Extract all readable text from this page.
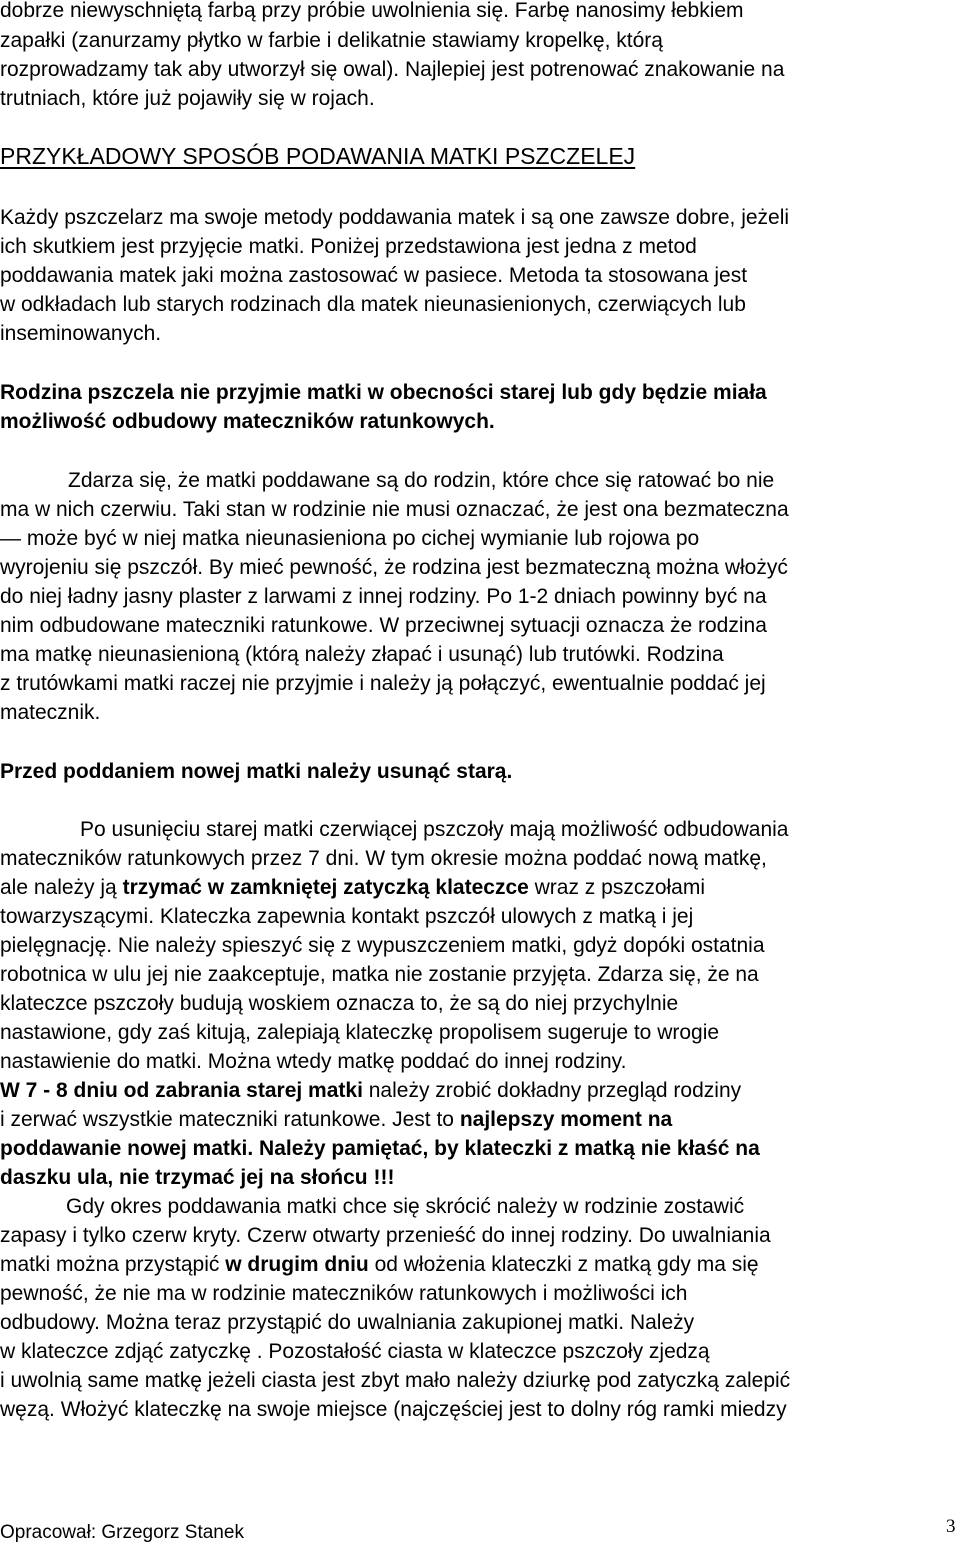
dobrze niewyschniętą farbą przy próbie uwolnienia się. Farbę nanosimy łebkiem
zapałki (zanurzamy płytko w farbie i delikatnie stawiamy kropelkę, którą
rozprowadzamy tak aby utworzył się owal). Najlepiej jest potrenować znakowanie na
trutniach, które już pojawiły się w rojach.
PRZYKŁADOWY SPOSÓB PODAWANIA MATKI PSZCZELEJ
Każdy pszczelarz ma swoje metody poddawania matek i są one zawsze dobre, jeżeli
ich skutkiem jest przyjęcie matki. Poniżej przedstawiona jest jedna z metod
poddawania matek jaki można zastosować w pasiece. Metoda ta stosowana jest
w odkładach lub starych rodzinach dla matek nieunasienionych, czerwiących lub
inseminowanych.
Rodzina pszczela nie przyjmie matki w obecności starej lub gdy będzie miała
możliwość odbudowy mateczników ratunkowych.
Zdarza się, że matki poddawane są do rodzin, które chce się ratować bo nie
ma w nich czerwiu. Taki stan w rodzinie nie musi oznaczać, że jest ona bezmateczna
— może być w niej matka nieunasieniona po cichej wymianie lub rojowa po
wyrojeniu się pszczół. By mieć pewność, że rodzina jest bezmateczną można włożyć
do niej ładny jasny plaster z larwami z innej rodziny. Po 1-2 dniach powinny być na
nim odbudowane mateczniki ratunkowe. W przeciwnej sytuacji oznacza że rodzina
ma matkę nieunasienioną (którą należy złapać i usunąć) lub trutówki. Rodzina
z trutówkami matki raczej nie przyjmie i należy ją połączyć, ewentualnie poddać jej
matecznik.
Przed poddaniem nowej matki należy usunąć starą.
Po usunięciu starej matki czerwiącej pszczoły mają możliwość odbudowania
mateczników ratunkowych przez 7 dni. W tym okresie można poddać nową matkę,
ale należy ją trzymać w zamkniętej zatyczką klateczce wraz z pszczołami
towarzyszącymi. Klateczka zapewnia kontakt pszczół ulowych z matką i jej
pielęgnację. Nie należy spieszyć się z wypuszczeniem matki, gdyż dopóki ostatnia
robotnica w ulu jej nie zaakceptuje, matka nie zostanie przyjęta. Zdarza się, że na
klateczce pszczoły budują woskiem oznacza to, że są do niej przychylnie
nastawione, gdy zaś kitują, zalepiają klateczkę propolisem sugeruje to wrogie
nastawienie do matki. Można wtedy matkę poddać do innej rodziny.
W 7 - 8 dniu od zabrania starej matki należy zrobić dokładny przegląd rodziny
i zerwać wszystkie mateczniki ratunkowe. Jest to najlepszy moment na
poddawanie nowej matki. Należy pamiętać, by klateczki z matką nie kłaść na
daszku ula, nie trzymać jej na słońcu !!!
Gdy okres poddawania matki chce się skrócić należy w rodzinie zostawić
zapasy i tylko czerw kryty. Czerw otwarty przenieść do innej rodziny. Do uwalniania
matki można przystąpić w drugim dniu od włożenia klateczki z matką gdy ma się
pewność, że nie ma w rodzinie mateczników ratunkowych i możliwości ich
odbudowy. Można teraz przystąpić do uwalniania zakupionej matki. Należy
w klateczce zdjąć zatyczkę . Pozostałość ciasta w klateczce pszczoły zjedzą
i uwolnią same matkę jeżeli ciasta jest zbyt mało należy dziurkę pod zatyczką zalepić
węzą. Włożyć klateczkę na swoje miejsce (najczęściej jest to dolny róg ramki miedzy
Opracował: Grzegorz Stanek	3
